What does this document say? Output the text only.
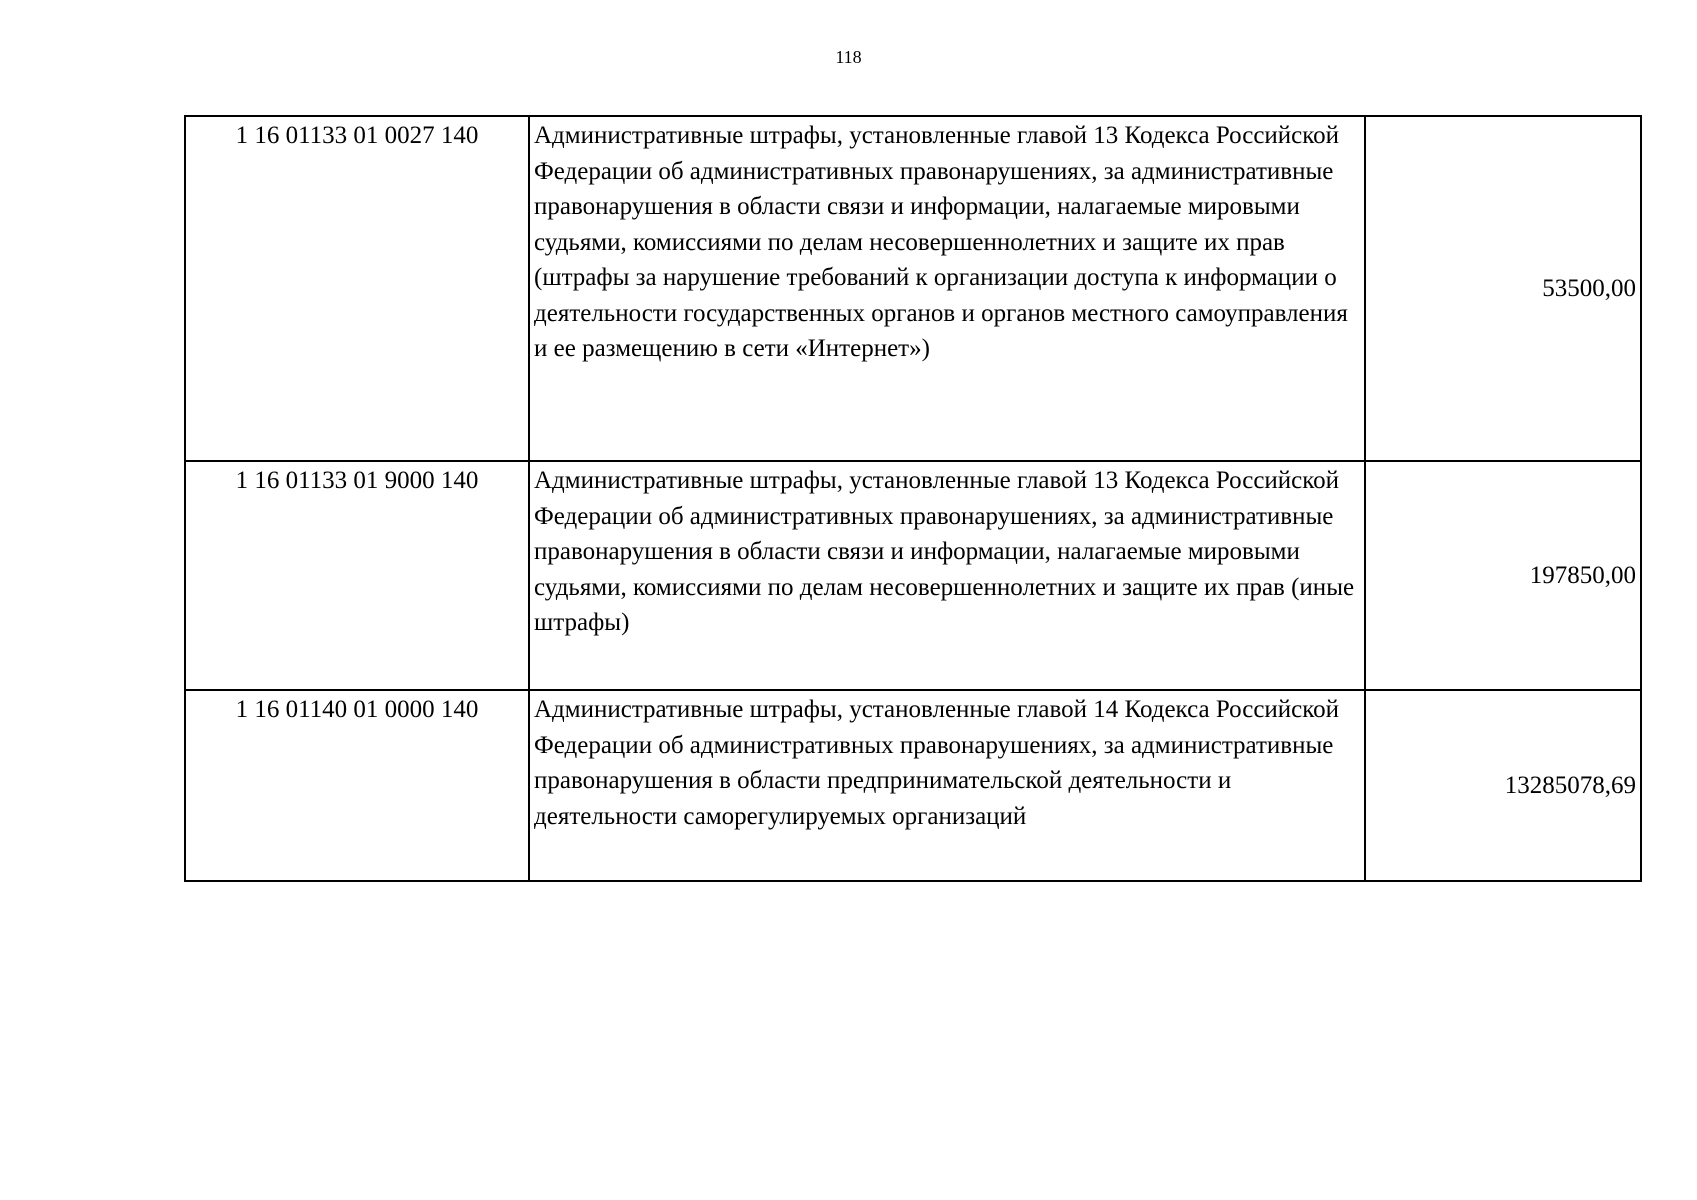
118
1 16 01133 01 0027 140	Административные штрафы, установленные главой 13 Кодекса Российской Федерации об административных правонарушениях, за административные правонарушения в области связи и информации, налагаемые мировыми судьями, комиссиями по делам несовершеннолетних и защите их прав (штрафы за нарушение требований к организации доступа к информации о деятельности государственных органов и органов местного самоуправления и ее размещению в сети «Интернет»)	53500,00
1 16 01133 01 9000 140	Административные штрафы, установленные главой 13 Кодекса Российской Федерации об административных правонарушениях, за административные правонарушения в области связи и информации, налагаемые мировыми судьями, комиссиями по делам несовершеннолетних и защите их прав (иные штрафы)	197850,00
1 16 01140 01 0000 140	Административные штрафы, установленные главой 14 Кодекса Российской Федерации об административных правонарушениях, за административные правонарушения в области предпринимательской деятельности и деятельности саморегулируемых организаций	13285078,69
